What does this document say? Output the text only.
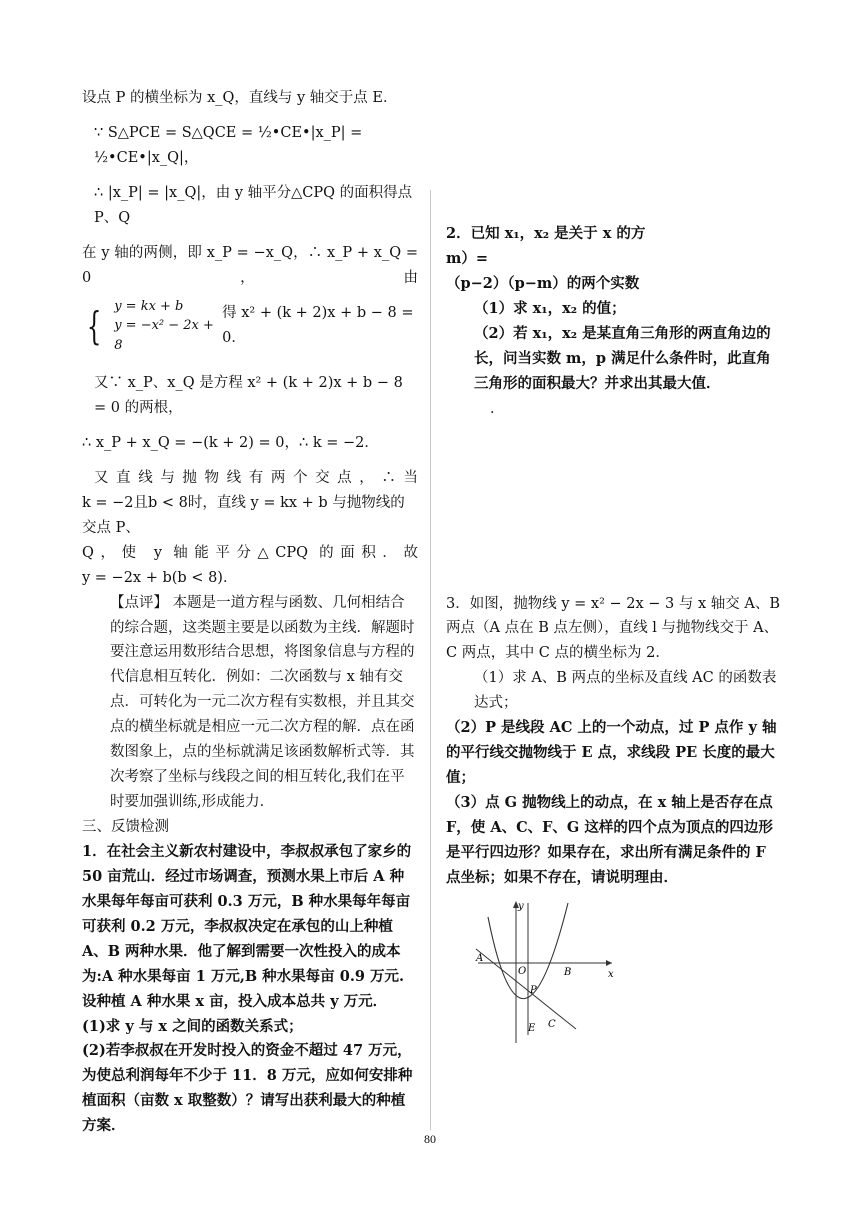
设点 P 的横坐标为 x_Q，直线与 y 轴交于点 E．

∵ S△PCE = S△QCE = ½•CE•|x_P| = ½•CE•|x_Q|，

∴ |x_P| = |x_Q|，由 y 轴平分△CPQ 的面积得点 P、Q

在 y 轴的两侧，即 x_P = −x_Q，∴ x_P + x_Q = 0，由

{ y = kx + b
y = −x² − 2x + 8
得 x² + (k + 2)x + b − 8 = 0．

又∵ x_P、x_Q 是方程 x² + (k + 2)x + b − 8 = 0 的两根，

∴ x_P + x_Q = −(k + 2) = 0，∴ k = −2．

又直线与抛物线有两个交点，∴当

k = −2且b < 8时，直线 y = kx + b 与抛物线的交点 P、

Q，使 y 轴能平分△CPQ 的面积．故

y = −2x + b(b < 8)．

【点评】 本题是一道方程与函数、几何相结合的综合题，这类题主要是以函数为主线．解题时要注意运用数形结合思想，将图象信息与方程的代信息相互转化．例如：二次函数与 x 轴有交点．可转化为一元二次方程有实数根，并且其交点的横坐标就是相应一元二次方程的解．点在函数图象上，点的坐标就满足该函数解析式等．其次考察了坐标与线段之间的相互转化,我们在平时要加强训练,形成能力．

三、反馈检测

1．在社会主义新农村建设中，李叔叔承包了家乡的 50 亩荒山．经过市场调查，预测水果上市后 A 种水果每年每亩可获利 0.3 万元，B 种水果每年每亩可获利 0.2 万元，李叔叔决定在承包的山上种植 A、B 两种水果．他了解到需要一次性投入的成本为:A 种水果每亩 1 万元,B 种水果每亩 0.9 万元.设种植 A 种水果 x 亩，投入成本总共 y 万元．

(1)求 y 与 x 之间的函数关系式；

(2)若李叔叔在开发时投入的资金不超过 47 万元，为使总利润每年不少于 11．8 万元，应如何安排种植面积（亩数 x 取整数）？请写出获利最大的种植方案．

2．已知 x₁，x₂ 是关于 x 的方  m）=

（p−2）（p−m）的两个实数

（1）求 x₁，x₂ 的值；

（2）若 x₁，x₂ 是某直角三角形的两直角边的长，问当实数 m，p 满足什么条件时，此直角三角形的面积最大？并求出其最大值．

．

3．如图，抛物线 y = x² − 2x − 3 与 x 轴交 A、B 两点（A 点在 B 点左侧），直线 l 与抛物线交于 A、C 两点，其中 C 点的横坐标为 2．

（1）求 A、B 两点的坐标及直线 AC 的函数表达式；

（2）P 是线段 AC 上的一个动点，过 P 点作 y 轴的平行线交抛物线于 E 点，求线段 PE 长度的最大值；

（3）点 G 抛物线上的动点，在 x 轴上是否存在点 F，使 A、C、F、G 这样的四个点为顶点的四边形是平行四边形？如果存在，求出所有满足条件的 F 点坐标；如果不存在，请说明理由．

y
x
O
A
B
P
E C
80
